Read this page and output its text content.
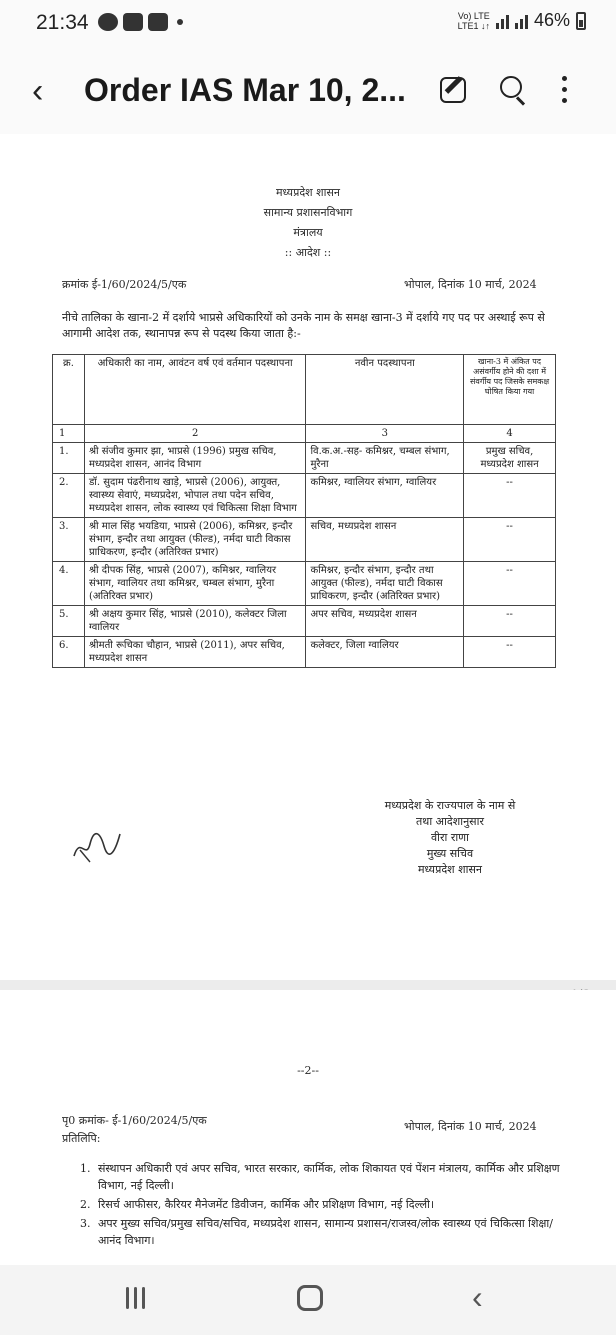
21:34	Vo) LTE
LTE1 ↓↑ 46%
‹ Order IAS Mar 10, 2...
मध्यप्रदेश शासन
सामान्य प्रशासनविभाग
मंत्रालय
:: आदेश ::
क्रमांक ई-1/60/2024/5/एक	भोपाल, दिनांक 10 मार्च, 2024
नीचे तालिका के खाना-2 में दर्शाये भाप्रसे अधिकारियों को उनके नाम के समक्ष खाना-3 में दर्शाये गए पद पर अस्थाई रूप से आगामी आदेश तक, स्थानापन्न रूप से पदस्थ किया जाता है:-
क्र.	अधिकारी का नाम, आवंटन वर्ष एवं वर्तमान पदस्थापना	नवीन पदस्थापना	खाना-3 में अंकित पद असंवर्गीय होने की दशा में संवर्गीय पद जिसके समकक्ष घोषित किया गया
1	2	3	4
1.	श्री संजीव कुमार झा, भाप्रसे (1996) प्रमुख सचिव, मध्यप्रदेश शासन, आनंद विभाग	वि.क.अ.-सह- कमिश्नर, चम्बल संभाग, मुरैना	प्रमुख सचिव, मध्यप्रदेश शासन
2.	डॉ. सुदाम पंढरीनाथ खाड़े, भाप्रसे (2006), आयुक्त, स्वास्थ्य सेवाएं, मध्यप्रदेश, भोपाल तथा पदेन सचिव, मध्यप्रदेश शासन, लोक स्वास्थ्य एवं चिकित्सा शिक्षा विभाग	कमिश्नर, ग्वालियर संभाग, ग्वालियर	--
3.	श्री माल सिंह भयडिया, भाप्रसे (2006), कमिश्नर, इन्दौर संभाग, इन्दौर तथा आयुक्त (फील्ड), नर्मदा घाटी विकास प्राधिकरण, इन्दौर (अतिरिक्त प्रभार)	सचिव, मध्यप्रदेश शासन	--
4.	श्री दीपक सिंह, भाप्रसे (2007), कमिश्नर, ग्वालियर संभाग, ग्वालियर तथा कमिश्नर, चम्बल संभाग, मुरैना (अतिरिक्त प्रभार)	कमिश्नर, इन्दौर संभाग, इन्दौर तथा आयुक्त (फील्ड), नर्मदा घाटी विकास प्राधिकरण, इन्दौर (अतिरिक्त प्रभार)	--
5.	श्री अक्षय कुमार सिंह, भाप्रसे (2010), कलेक्टर जिला ग्वालियर	अपर सचिव, मध्यप्रदेश शासन	--
6.	श्रीमती रूचिका चौहान, भाप्रसे (2011), अपर सचिव, मध्यप्रदेश शासन	कलेक्टर, जिला ग्वालियर	--
मध्यप्रदेश के राज्यपाल के नाम से
तथा आदेशानुसार
वीरा राणा
मुख्य सचिव
मध्यप्रदेश शासन
--2--
पृ0 क्रमांक- ई-1/60/2024/5/एक	भोपाल, दिनांक 10 मार्च, 2024
प्रतिलिपि:
1. संस्थापन अधिकारी एवं अपर सचिव, भारत सरकार, कार्मिक, लोक शिकायत एवं पेंशन मंत्रालय, कार्मिक और प्रशिक्षण विभाग, नई दिल्ली।
2. रिसर्च आफीसर, कैरियर मैनेजमेंट डिवीजन, कार्मिक और प्रशिक्षण विभाग, नई दिल्ली।
3. अपर मुख्य सचिव/प्रमुख सचिव/सचिव, मध्यप्रदेश शासन, सामान्य प्रशासन/राजस्व/लोक स्वास्थ्य एवं चिकित्सा शिक्षा/आनंद विभाग।
‹
